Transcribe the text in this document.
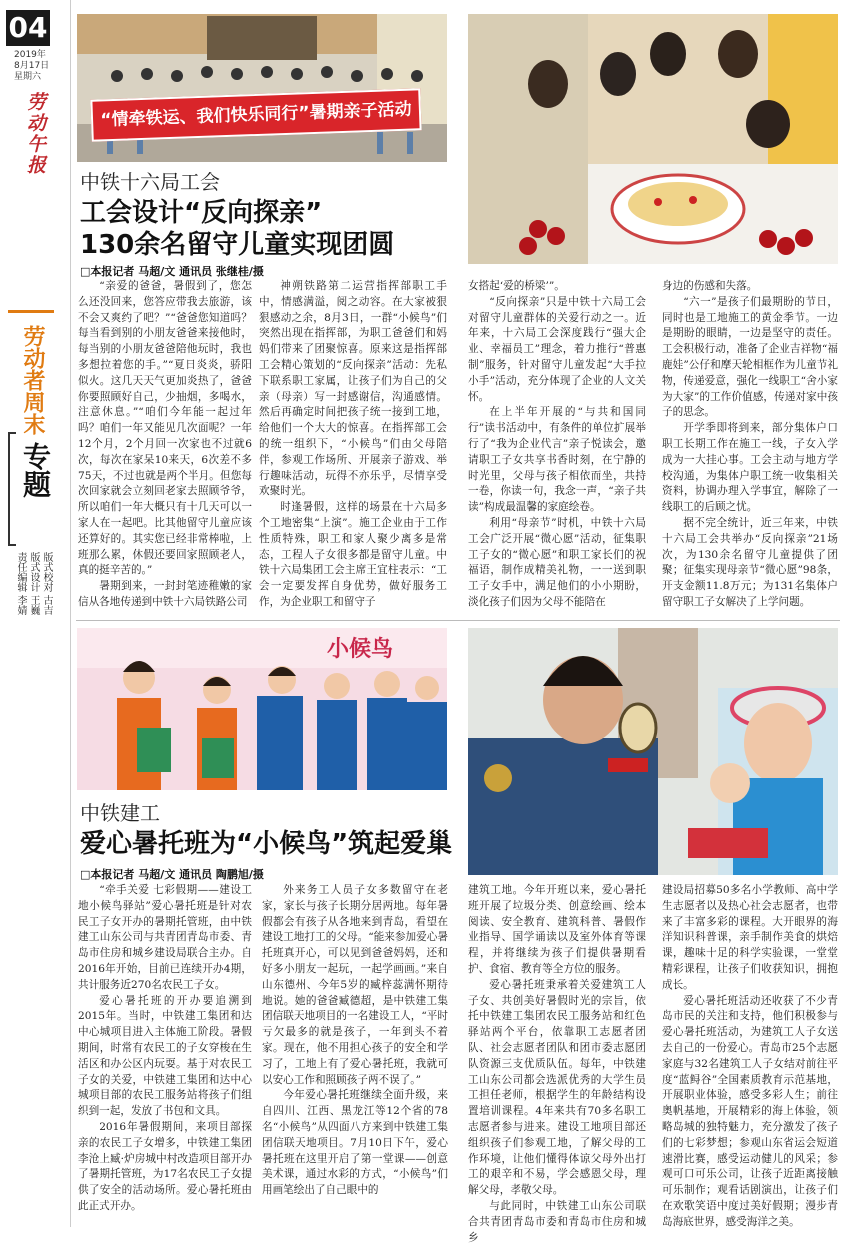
04
2019年
8月17日
星期六
劳动午报
劳动者周末
专题
版式校对 古吉
版式设计 王巍
责任编辑 李婧
“情牵铁运、我们快乐同行”暑期亲子活动
中铁十六局工会
工会设计“反向探亲”
130余名留守儿童实现团圆
□本报记者 马超/文 通讯员 张继桂/摄

“亲爱的爸爸，暑假到了，您怎么还没回来，您答应带我去旅游，该不会又爽约了吧？”“爸爸您知道吗？每当看到别的小朋友爸爸来接他时，每当别的小朋友爸爸陪他玩时，我也多想拉着您的手。”“夏日炎炎，骄阳似火。这几天天气更加炎热了，爸爸你要照顾好自己，少抽烟，多喝水，注意休息。”“咱们今年能一起过年吗？咱们一年又能见几次面呢？一年12个月，2个月回一次家也不过就6次，每次在家呆10来天，6次差不多75天，不过也就是两个半月。但您每次回家就会立刻回老家去照顾爷爷，所以咱们一年大概只有十几天可以一家人在一起吧。比其他留守儿童应该还算好的。其实您已经非常棒啦，上班那么累，休假还要回家照顾老人，真的挺辛苦的。”

暑期到来，一封封笔迹稚嫩的家信从各地传递到中铁十六局铁路公司

神朔铁路第二运营指挥部职工手中，情感满溢，阅之动容。在大家被狠狠感动之余，8月3日，一群“小候鸟”们突然出现在指挥部，为职工爸爸们和妈妈们带来了团聚惊喜。原来这是指挥部工会精心策划的“反向探亲”活动：先私下联系职工家属，让孩子们为自己的父亲（母亲）写一封感谢信，沟通感情。然后再确定时间把孩子统一接到工地，给他们一个大大的惊喜。在指挥部工会的统一组织下，“小候鸟”们由父母陪伴，参观工作场所、开展亲子游戏、举行趣味活动，玩得不亦乐乎，尽情享受欢聚时光。

时逢暑假，这样的场景在十六局多个工地密集“上演”。施工企业由于工作性质特殊，职工和家人聚少离多是常态，工程人子女很多都是留守儿童。中铁十六局集团工会主席王宜柱表示：“工会一定要发挥自身优势，做好服务工作，为企业职工和留守子

女搭起‘爱的桥梁’”。

“反向探亲”只是中铁十六局工会对留守儿童群体的关爱行动之一。近年来，十六局工会深度践行“强大企业、幸福员工”理念，着力推行“普惠制”服务，针对留守儿童发起“大手拉小手”活动，充分体现了企业的人文关怀。

在上半年开展的“与共和国同行”读书活动中，有条件的单位扩展举行了“我为企业代言”亲子悦读会，邀请职工子女共享书香时刻，在宁静的时光里，父母与孩子相依而坐，共持一卷，你读一句，我念一声，“亲子共读”构成最温馨的家庭绘卷。

利用“母亲节”时机，中铁十六局工会广泛开展“微心愿”活动，征集职工子女的“微心愿”和职工家长们的祝福语，制作成精美礼物，一一送到职工子女手中，满足他们的小小期盼，淡化孩子们因为父母不能陪在

身边的伤感和失落。

“六一”是孩子们最期盼的节日，同时也是工地施工的黄金季节。一边是期盼的眼睛，一边是坚守的责任。工会积极行动，准备了企业吉祥物“福鹿娃”公仔和摩天轮相框作为儿童节礼物，传递爱意，强化一线职工“舍小家为大家”的工作价值感，传递对家中孩子的思念。

开学季即将到来，部分集体户口职工长期工作在施工一线，子女入学成为一大挂心事。工会主动与地方学校沟通，为集体户职工统一收集相关资料，协调办理入学事宜，解除了一线职工的后顾之忧。

据不完全统计，近三年来，中铁十六局工会共举办“反向探亲”21场次，为130余名留守儿童提供了团聚；征集实现母亲节“微心愿”98条，开支金额11.8万元；为131名集体户留守职工子女解决了上学问题。

小候鸟
中铁建工
爱心暑托班为“小候鸟”筑起爱巢
□本报记者 马超/文 通讯员 陶鹏旭/摄

“牵手关爱 七彩假期——建设工地小候鸟驿站”爱心暑托班是针对农民工子女开办的暑期托管班，由中铁建工山东公司与共青团青岛市委、青岛市住房和城乡建设局联合主办。自2016年开始，目前已连续开办4期，共计服务近270名农民工子女。

爱心暑托班的开办要追溯到2015年。当时，中铁建工集团和达中心城项目进入主体施工阶段。暑假期间，时常有农民工的子女穿梭在生活区和办公区内玩耍。基于对农民工子女的关爱，中铁建工集团和达中心城项目部的农民工服务站将孩子们组织到一起，发放了书包和文具。

2016年暑假期间，来项目部探亲的农民工子女增多，中铁建工集团李沧上臧·炉房城中村改造项目部开办了暑期托管班，为17名农民工子女提供了安全的活动场所。爱心暑托班由此正式开办。

外来务工人员子女多数留守在老家，家长与孩子长期分居两地。每年暑假都会有孩子从各地来到青岛，看望在建设工地打工的父母。“能来参加爱心暑托班真开心，可以见到爸爸妈妈，还和好多小朋友一起玩，一起学画画。”来自山东德州、今年5岁的臧梓蕊满怀期待地说。她的爸爸臧德超，是中铁建工集团信联天地项目的一名建设工人，“平时亏欠最多的就是孩子，一年到头不着家。现在，他不用担心孩子的安全和学习了，工地上有了爱心暑托班，我就可以安心工作和照顾孩子两不误了。”

今年爱心暑托班继续全面升级，来自四川、江西、黑龙江等12个省的78名“小候鸟”从四面八方来到中铁建工集团信联天地项目。7月10日下午，爱心暑托班在这里开启了第一堂课——创意美术课，通过水彩的方式，“小候鸟”们用画笔绘出了自己眼中的

建筑工地。今年开班以来，爱心暑托班开展了垃圾分类、创意绘画、绘本阅读、安全教育、建筑科普、暑假作业指导、国学诵读以及室外体育等课程，并将继续为孩子们提供暑期看护、食宿、教育等全方位的服务。

爱心暑托班秉承着关爱建筑工人子女、共创美好暑假时光的宗旨，依托中铁建工集团农民工服务站和红色驿站两个平台，依靠职工志愿者团队、社会志愿者团队和团市委志愿团队资源三支优质队伍。每年，中铁建工山东公司都会选派优秀的大学生员工担任老师，根据学生的年龄结构设置培训课程。4年来共有70多名职工志愿者参与进来。建设工地项目部还组织孩子们参观工地，了解父母的工作环境，让他们懂得体谅父母外出打工的艰辛和不易，学会感恩父母，理解父母，孝敬父母。

与此同时，中铁建工山东公司联合共青团青岛市委和青岛市住房和城乡

建设局招募50多名小学教师、高中学生志愿者以及热心社会志愿者，也带来了丰富多彩的课程。大开眼界的海洋知识科普课，亲手制作美食的烘焙课，趣味十足的科学实验课，一堂堂精彩课程，让孩子们收获知识，拥抱成长。

爱心暑托班活动还收获了不少青岛市民的关注和支持，他们积极参与爱心暑托班活动，为建筑工人子女送去自己的一份爱心。青岛市25个志愿家庭与32名建筑工人子女结对前往平度“蓝鲟谷”全国素质教育示范基地，开展职业体验，感受多彩人生；前往奥帆基地，开展精彩的海上体验，领略岛城的独特魅力，充分激发了孩子们的七彩梦想；参观山东省运会短道速滑比赛，感受运动健儿的风采；参观可口可乐公司，让孩子近距离接触可乐制作；观看话剧演出，让孩子们在欢歌笑语中度过美好假期；漫步青岛海底世界，感受海洋之美。
